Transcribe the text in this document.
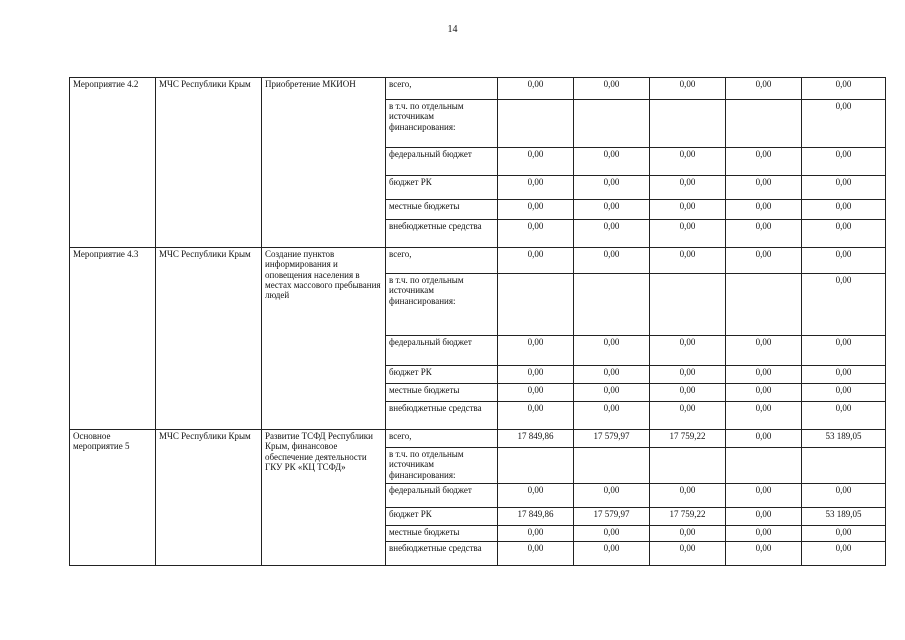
14
Мероприятие 4.2	МЧС Республики Крым	Приобретение МКИОН	всего,	0,00	0,00	0,00	0,00	0,00
			в т.ч. по отдельным источникам финансирования:					0,00
			федеральный бюджет	0,00	0,00	0,00	0,00	0,00
			бюджет РК	0,00	0,00	0,00	0,00	0,00
			местные бюджеты	0,00	0,00	0,00	0,00	0,00
			внебюджетные средства	0,00	0,00	0,00	0,00	0,00
Мероприятие 4.3	МЧС Республики Крым	Создание пунктов информирования и оповещения населения в местах массового пребывания людей	всего,	0,00	0,00	0,00	0,00	0,00
			в т.ч. по отдельным источникам финансирования:					0,00
			федеральный бюджет	0,00	0,00	0,00	0,00	0,00
			бюджет РК	0,00	0,00	0,00	0,00	0,00
			местные бюджеты	0,00	0,00	0,00	0,00	0,00
			внебюджетные средства	0,00	0,00	0,00	0,00	0,00
Основное мероприятие 5	МЧС Республики Крым	Развитие ТСФД Республики Крым, финансовое обеспечение деятельности ГКУ РК «КЦ ТСФД»	всего,	17 849,86	17 579,97	17 759,22	0,00	53 189,05
			в т.ч. по отдельным источникам финансирования:					
			федеральный бюджет	0,00	0,00	0,00	0,00	0,00
			бюджет РК	17 849,86	17 579,97	17 759,22	0,00	53 189,05
			местные бюджеты	0,00	0,00	0,00	0,00	0,00
			внебюджетные средства	0,00	0,00	0,00	0,00	0,00
